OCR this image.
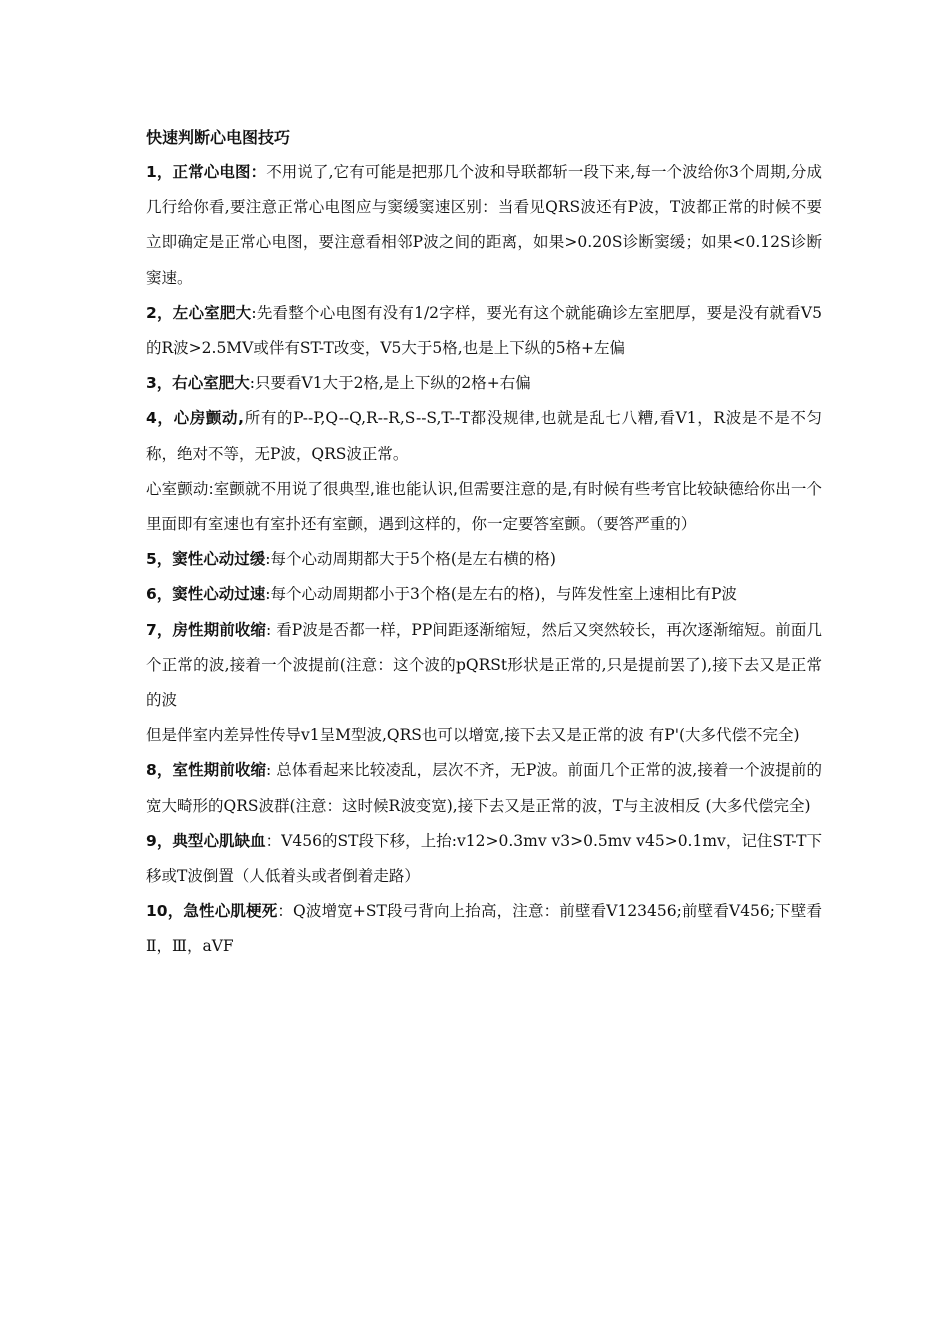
快速判断心电图技巧

1，正常心电图：不用说了,它有可能是把那几个波和导联都斩一段下来,每一个波给你3个周期,分成几行给你看,要注意正常心电图应与窦缓窦速区别：当看见QRS波还有P波，T波都正常的时候不要立即确定是正常心电图，要注意看相邻P波之间的距离，如果>0.20S诊断窦缓；如果<0.12S诊断窦速。

2，左心室肥大:先看整个心电图有没有1/2字样，要光有这个就能确诊左室肥厚，要是没有就看V5的R波>2.5MV或伴有ST-T改变，V5大于5格,也是上下纵的5格+左偏

3，右心室肥大:只要看V1大于2格,是上下纵的2格+右偏

4，心房颤动,所有的P--P,Q--Q,R--R,S--S,T--T都没规律,也就是乱七八糟,看V1，R波是不是不匀称，绝对不等，无P波，QRS波正常。

心室颤动:室颤就不用说了很典型,谁也能认识,但需要注意的是,有时候有些考官比较缺德给你出一个里面即有室速也有室扑还有室颤，遇到这样的，你一定要答室颤。（要答严重的）

5，窦性心动过缓:每个心动周期都大于5个格(是左右横的格)

6，窦性心动过速:每个心动周期都小于3个格(是左右的格)，与阵发性室上速相比有P波

7，房性期前收缩: 看P波是否都一样，PP间距逐渐缩短，然后又突然较长，再次逐渐缩短。前面几个正常的波,接着一个波提前(注意：这个波的pQRSt形状是正常的,只是提前罢了),接下去又是正常的波

但是伴室内差异性传导v1呈M型波,QRS也可以增宽,接下去又是正常的波 有P'(大多代偿不完全)

8，室性期前收缩: 总体看起来比较凌乱，层次不齐，无P波。前面几个正常的波,接着一个波提前的宽大畸形的QRS波群(注意：这时候R波变宽),接下去又是正常的波，T与主波相反 (大多代偿完全)

9，典型心肌缺血：V456的ST段下移，上抬:v12>0.3mv v3>0.5mv v45>0.1mv，记住ST-T下移或T波倒置（人低着头或者倒着走路）

10，急性心肌梗死：Q波增宽+ST段弓背向上抬高，注意：前壁看V123456;前壁看V456;下壁看Ⅱ，Ⅲ，aVF
